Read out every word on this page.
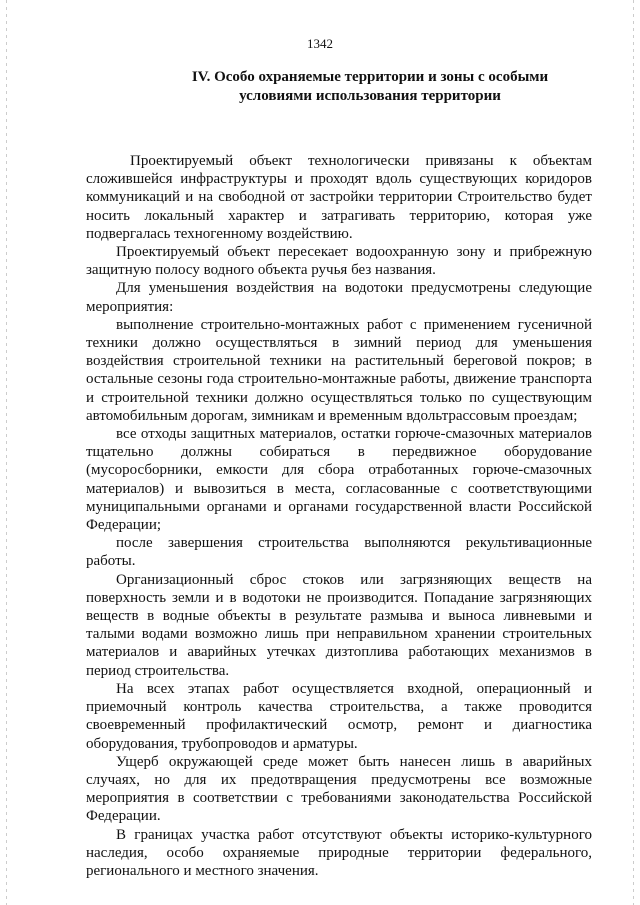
1342
IV. Особо охраняемые территории и зоны с особыми
условиями использования территории

Проектируемый объект технологически привязаны к объектам сложившейся инфраструктуры и проходят вдоль существующих коридоров коммуникаций и на свободной от застройки территории Строительство будет носить локальный характер и затрагивать территорию, которая уже подвергалась техногенному воздействию.

Проектируемый объект пересекает водоохранную зону и прибрежную защитную полосу водного объекта ручья без названия.

Для уменьшения воздействия на водотоки предусмотрены следующие мероприятия:

выполнение строительно-монтажных работ с применением гусеничной техники должно осуществляться в зимний период для уменьшения воздействия строительной техники на растительный береговой покров; в остальные сезоны года строительно-монтажные работы, движение транспорта и строительной техники должно осуществляться только по существующим автомобильным дорогам, зимникам и временным вдольтрассовым проездам;

все отходы защитных материалов, остатки горюче-смазочных материалов тщательно должны собираться в передвижное оборудование (мусоросборники, емкости для сбора отработанных горюче-смазочных материалов) и вывозиться в места, согласованные с соответствующими муниципальными органами и органами государственной власти Российской Федерации;

после завершения строительства выполняются рекультивационные работы.

Организационный сброс стоков или загрязняющих веществ на поверхность земли и в водотоки не производится. Попадание загрязняющих веществ в водные объекты в результате размыва и выноса ливневыми и талыми водами возможно лишь при неправильном хранении строительных материалов и аварийных утечках дизтоплива работающих механизмов в период строительства.

На всех этапах работ осуществляется входной, операционный и приемочный контроль качества строительства, а также проводится своевременный профилактический осмотр, ремонт и диагностика оборудования, трубопроводов и арматуры.

Ущерб окружающей среде может быть нанесен лишь в аварийных случаях, но для их предотвращения предусмотрены все возможные мероприятия в соответствии с требованиями законодательства Российской Федерации.

В границах участка работ отсутствуют объекты историко-культурного наследия, особо охраняемые природные территории федерального, регионального и местного значения.
